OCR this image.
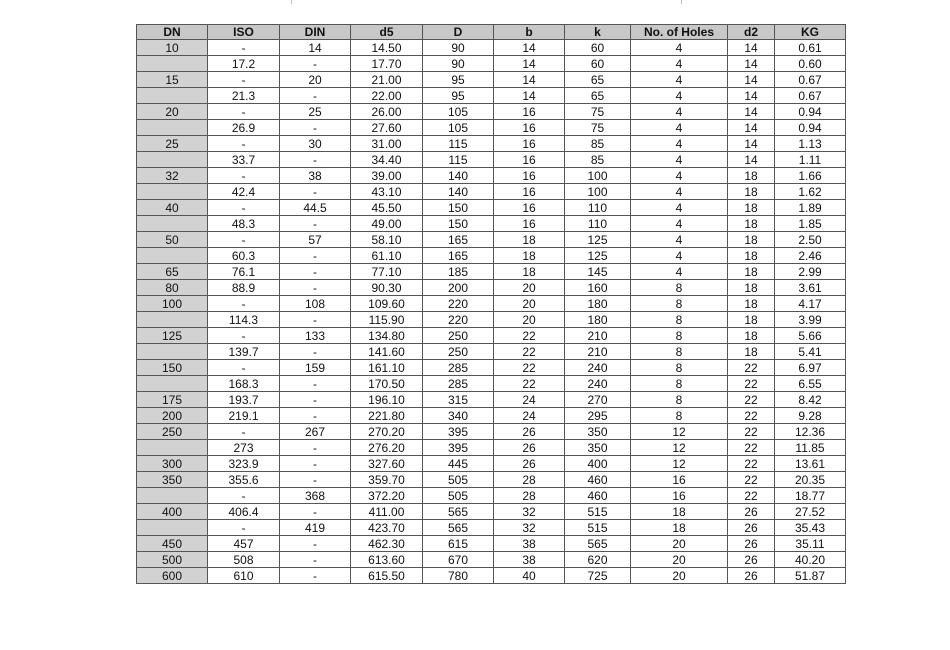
DN	ISO	DIN	d5	D	b	k	No. of Holes	d2	KG
10	-	14	14.50	90	14	60	4	14	0.61
	17.2	-	17.70	90	14	60	4	14	0.60
15	-	20	21.00	95	14	65	4	14	0.67
	21.3	-	22.00	95	14	65	4	14	0.67
20	-	25	26.00	105	16	75	4	14	0.94
	26.9	-	27.60	105	16	75	4	14	0.94
25	-	30	31.00	115	16	85	4	14	1.13
	33.7	-	34.40	115	16	85	4	14	1.11
32	-	38	39.00	140	16	100	4	18	1.66
	42.4	-	43.10	140	16	100	4	18	1.62
40	-	44.5	45.50	150	16	110	4	18	1.89
	48.3	-	49.00	150	16	110	4	18	1.85
50	-	57	58.10	165	18	125	4	18	2.50
	60.3	-	61.10	165	18	125	4	18	2.46
65	76.1	-	77.10	185	18	145	4	18	2.99
80	88.9	-	90.30	200	20	160	8	18	3.61
100	-	108	109.60	220	20	180	8	18	4.17
	114.3	-	115.90	220	20	180	8	18	3.99
125	-	133	134.80	250	22	210	8	18	5.66
	139.7	-	141.60	250	22	210	8	18	5.41
150	-	159	161.10	285	22	240	8	22	6.97
	168.3	-	170.50	285	22	240	8	22	6.55
175	193.7	-	196.10	315	24	270	8	22	8.42
200	219.1	-	221.80	340	24	295	8	22	9.28
250	-	267	270.20	395	26	350	12	22	12.36
	273	-	276.20	395	26	350	12	22	11.85
300	323.9	-	327.60	445	26	400	12	22	13.61
350	355.6	-	359.70	505	28	460	16	22	20.35
	-	368	372.20	505	28	460	16	22	18.77
400	406.4	-	411.00	565	32	515	18	26	27.52
	-	419	423.70	565	32	515	18	26	35.43
450	457	-	462.30	615	38	565	20	26	35.11
500	508	-	613.60	670	38	620	20	26	40.20
600	610	-	615.50	780	40	725	20	26	51.87
